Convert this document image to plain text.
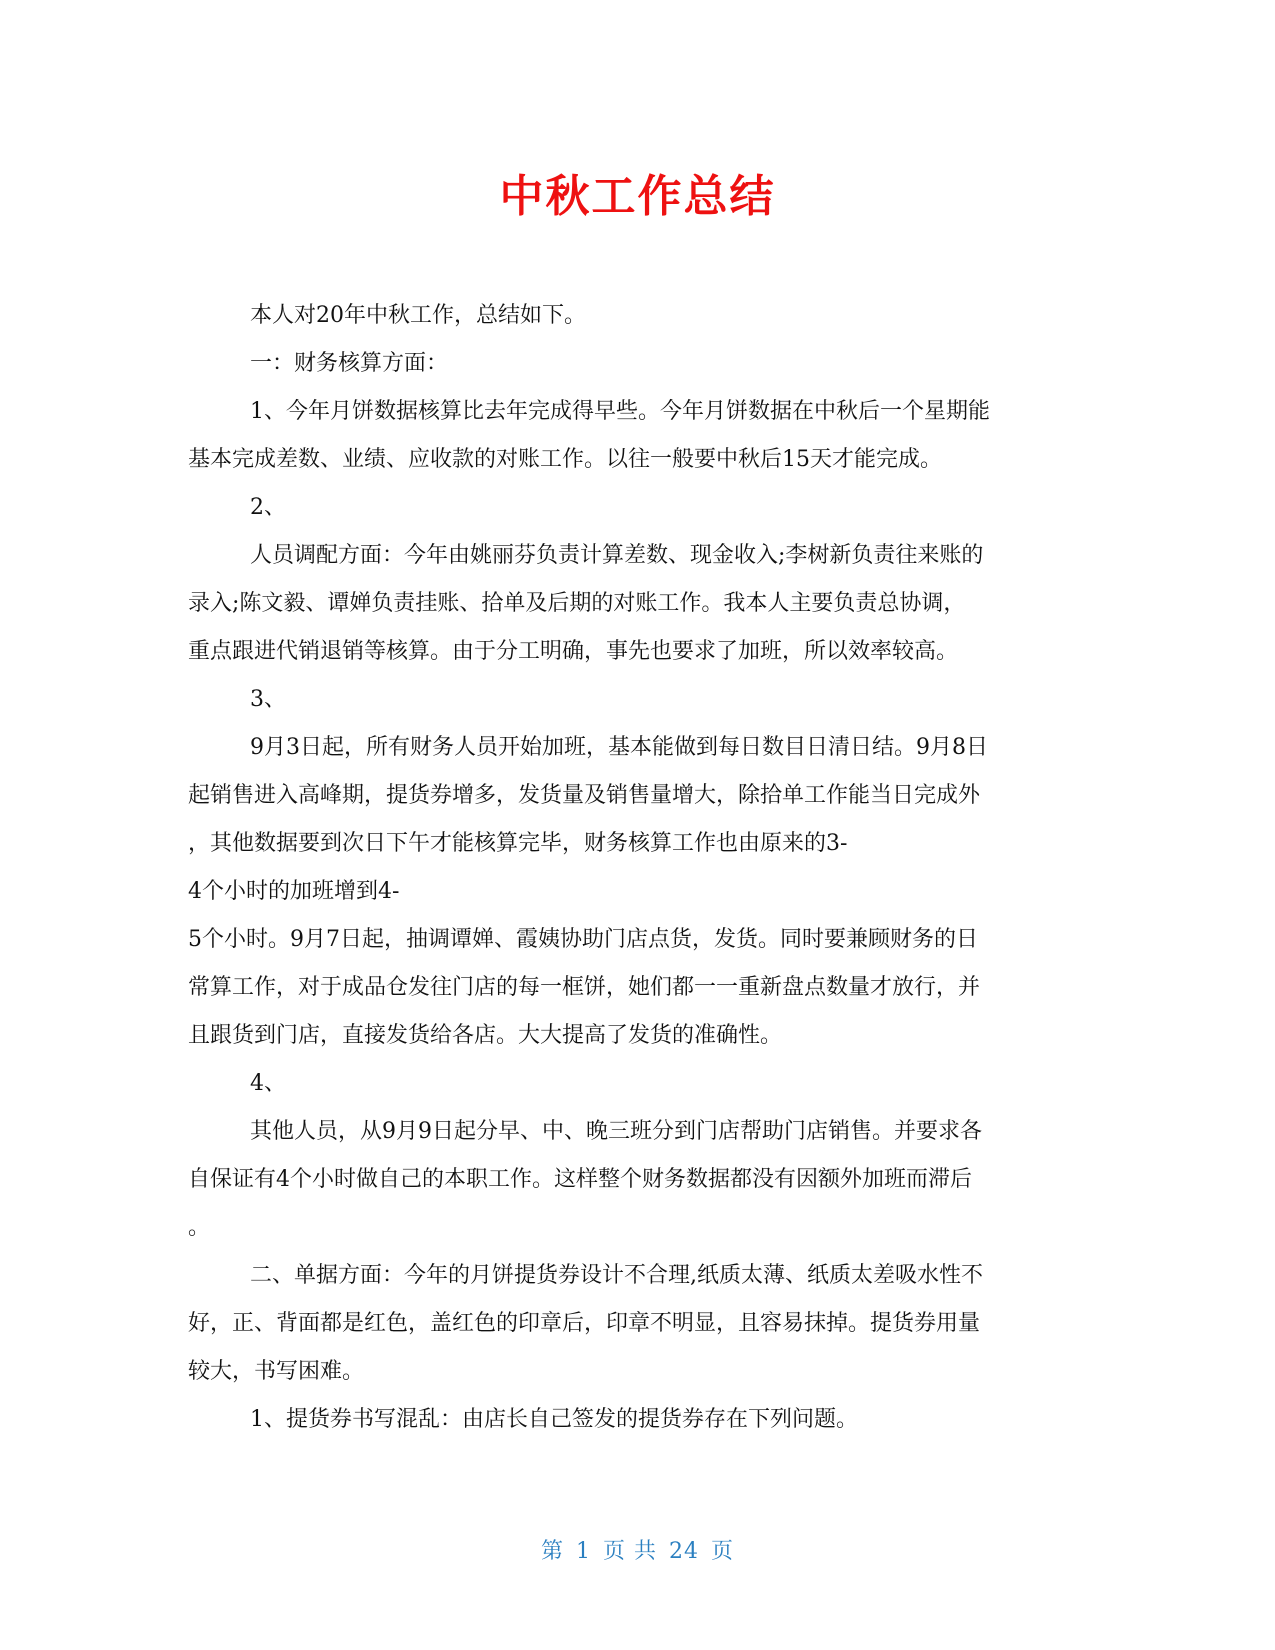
中秋工作总结
本人对20年中秋工作，总结如下。
一：财务核算方面：
1、今年月饼数据核算比去年完成得早些。今年月饼数据在中秋后一个星期能
基本完成差数、业绩、应收款的对账工作。以往一般要中秋后15天才能完成。
2、
人员调配方面：今年由姚丽芬负责计算差数、现金收入;李树新负责往来账的
录入;陈文毅、谭婵负责挂账、拾单及后期的对账工作。我本人主要负责总协调，
重点跟进代销退销等核算。由于分工明确，事先也要求了加班，所以效率较高。
3、
9月3日起，所有财务人员开始加班，基本能做到每日数目日清日结。9月8日
起销售进入高峰期，提货券增多，发货量及销售量增大，除拾单工作能当日完成外
，其他数据要到次日下午才能核算完毕，财务核算工作也由原来的3-
4个小时的加班增到4-
5个小时。9月7日起，抽调谭婵、霞姨协助门店点货，发货。同时要兼顾财务的日
常算工作，对于成品仓发往门店的每一框饼，她们都一一重新盘点数量才放行，并
且跟货到门店，直接发货给各店。大大提高了发货的准确性。
4、
其他人员，从9月9日起分早、中、晚三班分到门店帮助门店销售。并要求各
自保证有4个小时做自己的本职工作。这样整个财务数据都没有因额外加班而滞后
。
二、单据方面：今年的月饼提货券设计不合理,纸质太薄、纸质太差吸水性不
好，正、背面都是红色，盖红色的印章后，印章不明显，且容易抹掉。提货券用量
较大，书写困难。
1、提货券书写混乱：由店长自己签发的提货券存在下列问题。
第 1 页 共 24 页
